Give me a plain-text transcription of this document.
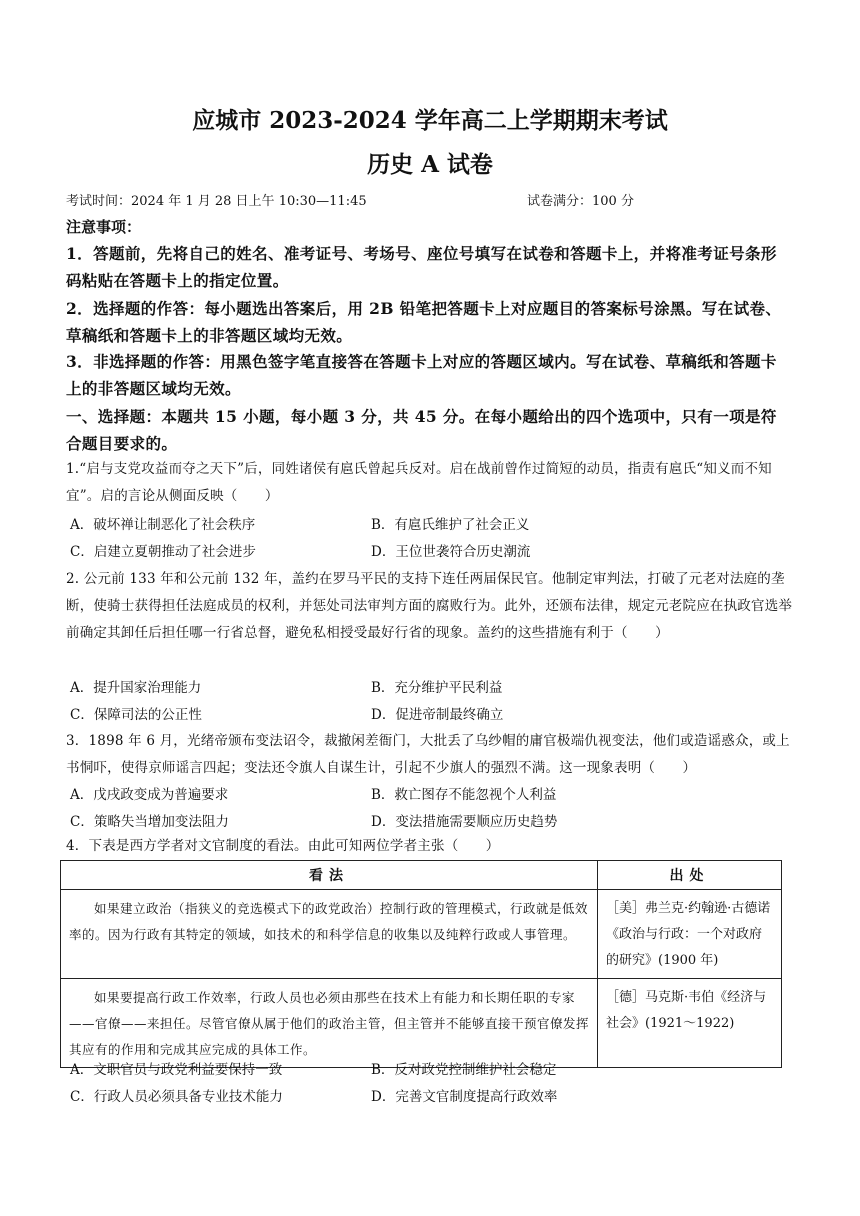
应城市 2023-2024 学年高二上学期期末考试
历史 A 试卷
考试时间：2024 年 1 月 28 日上午 10:30—11:45	试卷满分：100 分
注意事项：
1．答题前，先将自己的姓名、准考证号、考场号、座位号填写在试卷和答题卡上，并将准考证号条形码粘贴在答题卡上的指定位置。
2．选择题的作答：每小题选出答案后，用 2B 铅笔把答题卡上对应题目的答案标号涂黑。写在试卷、草稿纸和答题卡上的非答题区域均无效。
3．非选择题的作答：用黑色签字笔直接答在答题卡上对应的答题区域内。写在试卷、草稿纸和答题卡上的非答题区域均无效。
一、选择题：本题共 15 小题，每小题 3 分，共 45 分。在每小题给出的四个选项中，只有一项是符合题目要求的。
1.“启与支党攻益而夺之天下”后，同姓诸侯有扈氏曾起兵反对。启在战前曾作过简短的动员，指责有扈氏“知义而不知宜”。启的言论从侧面反映（　　）
A．破坏禅让制恶化了社会秩序	B．有扈氏维护了社会正义
C．启建立夏朝推动了社会进步	D．王位世袭符合历史潮流
2. 公元前 133 年和公元前 132 年，盖约在罗马平民的支持下连任两届保民官。他制定审判法，打破了元老对法庭的垄断，使骑士获得担任法庭成员的权利，并惩处司法审判方面的腐败行为。此外，还颁布法律，规定元老院应在执政官选举前确定其卸任后担任哪一行省总督，避免私相授受最好行省的现象。盖约的这些措施有利于（　　）
A．提升国家治理能力	B．充分维护平民利益
C．保障司法的公正性	D．促进帝制最终确立
3．1898 年 6 月，光绪帝颁布变法诏令，裁撤闲差衙门，大批丢了乌纱帽的庸官极端仇视变法，他们或造谣惑众，或上书恫吓，使得京师谣言四起；变法还令旗人自谋生计，引起不少旗人的强烈不满。这一现象表明（　　）
A．戊戌政变成为普遍要求	B．救亡图存不能忽视个人利益
C．策略失当增加变法阻力	D．变法措施需要顺应历史趋势
4．下表是西方学者对文官制度的看法。由此可知两位学者主张（　　）
看法	出处
如果建立政治（指狭义的竞选模式下的政党政治）控制行政的管理模式，行政就是低效率的。因为行政有其特定的领域，如技术的和科学信息的收集以及纯粹行政或人事管理。	［美］弗兰克·约翰逊·古德诺《政治与行政：一个对政府的研究》(1900 年)
如果要提高行政工作效率，行政人员也必须由那些在技术上有能力和长期任职的专家——官僚——来担任。尽管官僚从属于他们的政治主管，但主管并不能够直接干预官僚发挥其应有的作用和完成其应完成的具体工作。	［德］马克斯·韦伯《经济与社会》(1921～1922)
A．文职官员与政党利益要保持一致	B．反对政党控制维护社会稳定
C．行政人员必须具备专业技术能力	D．完善文官制度提高行政效率
